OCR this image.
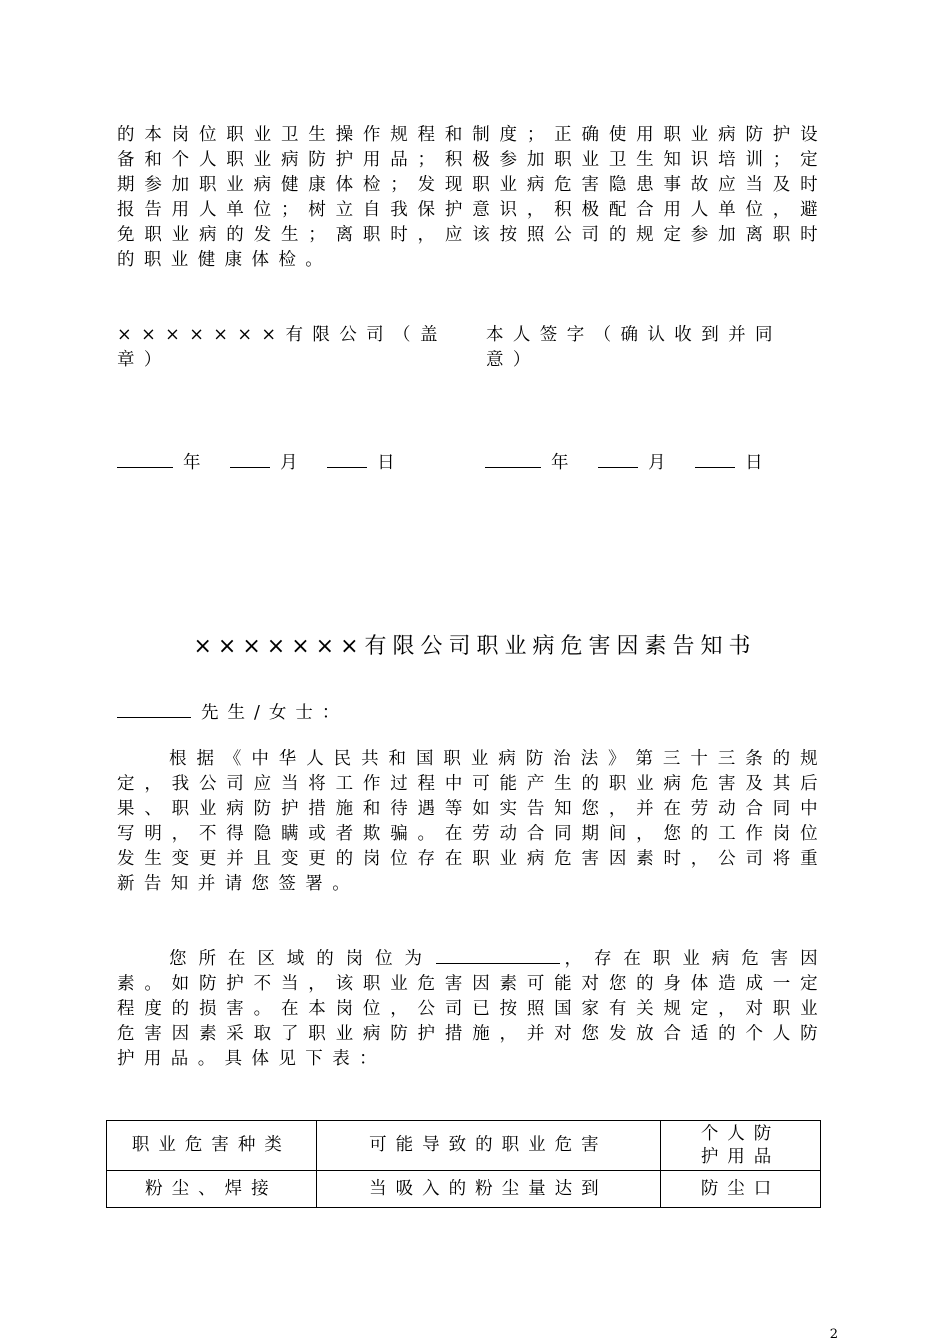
的本岗位职业卫生操作规程和制度；正确使用职业病防护设备和个人职业病防护用品；积极参加职业卫生知识培训；定期参加职业病健康体检；发现职业病危害隐患事故应当及时报告用人单位；树立自我保护意识，积极配合用人单位，避免职业病的发生；离职时，应该按照公司的规定参加离职时的职业健康体检。
×××××××有限公司（盖章）
本人签字（确认收到并同意）
年	月	日	年	月	日
×××××××有限公司职业病危害因素告知书
先生/女士：
根据《中华人民共和国职业病防治法》第三十三条的规定，我公司应当将工作过程中可能产生的职业病危害及其后果、职业病防护措施和待遇等如实告知您，并在劳动合同中写明，不得隐瞒或者欺骗。在劳动合同期间，您的工作岗位发生变更并且变更的岗位存在职业病危害因素时，公司将重新告知并请您签署。
您所在区域的岗位为	，存在职业病危害因素。如防护不当，该职业危害因素可能对您的身体造成一定程度的损害。在本岗位，公司已按照国家有关规定，对职业危害因素采取了职业病防护措施，并对您发放合适的个人防护用品。具体见下表：
职业危害种类	可能导致的职业危害	个人防护用品
粉尘、焊接	当吸入的粉尘量达到	防尘口
2
